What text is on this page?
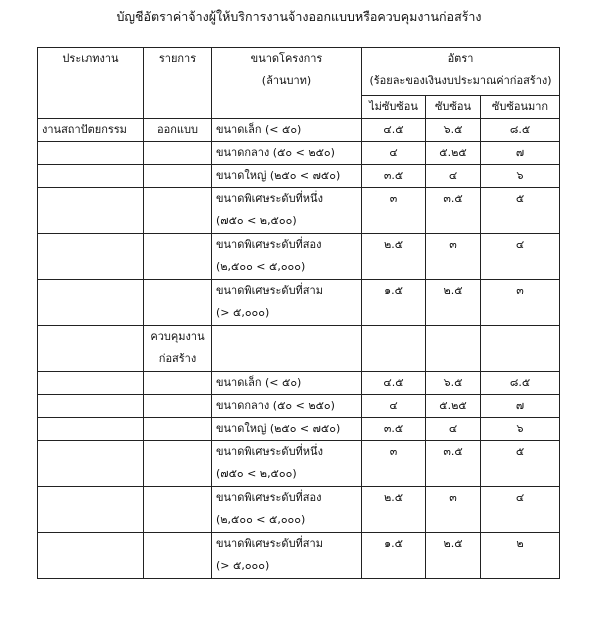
บัญชีอัตราค่าจ้างผู้ให้บริการงานจ้างออกแบบหรือควบคุมงานก่อสร้าง
ประเภทงาน	รายการ	ขนาดโครงการ
(ล้านบาท)	อัตรา
(ร้อยละของเงินงบประมาณค่าก่อสร้าง)		
			ไม่ซับซ้อน	ซับซ้อน	ซับซ้อนมาก
งานสถาปัตยกรรม	ออกแบบ	ขนาดเล็ก (< ๕๐)	๔.๕	๖.๕	๘.๕
		ขนาดกลาง (๕๐ < ๒๕๐)	๔	๕.๒๕	๗
		ขนาดใหญ่ (๒๕๐ < ๗๕๐)	๓.๕	๔	๖
		ขนาดพิเศษระดับที่หนึ่ง
(๗๕๐ < ๒,๕๐๐)	๓	๓.๕	๕
		ขนาดพิเศษระดับที่สอง
(๒,๕๐๐ < ๕,๐๐๐)	๒.๕	๓	๔
		ขนาดพิเศษระดับที่สาม
(> ๕,๐๐๐)	๑.๕	๒.๕	๓
	ควบคุมงาน
ก่อสร้าง				
		ขนาดเล็ก (< ๕๐)	๔.๕	๖.๕	๘.๕
		ขนาดกลาง (๕๐ < ๒๕๐)	๔	๕.๒๕	๗
		ขนาดใหญ่ (๒๕๐ < ๗๕๐)	๓.๕	๔	๖
		ขนาดพิเศษระดับที่หนึ่ง
(๗๕๐ < ๒,๕๐๐)	๓	๓.๕	๕
		ขนาดพิเศษระดับที่สอง
(๒,๕๐๐ < ๕,๐๐๐)	๒.๕	๓	๔
		ขนาดพิเศษระดับที่สาม
(> ๕,๐๐๐)	๑.๕	๒.๕	๒
